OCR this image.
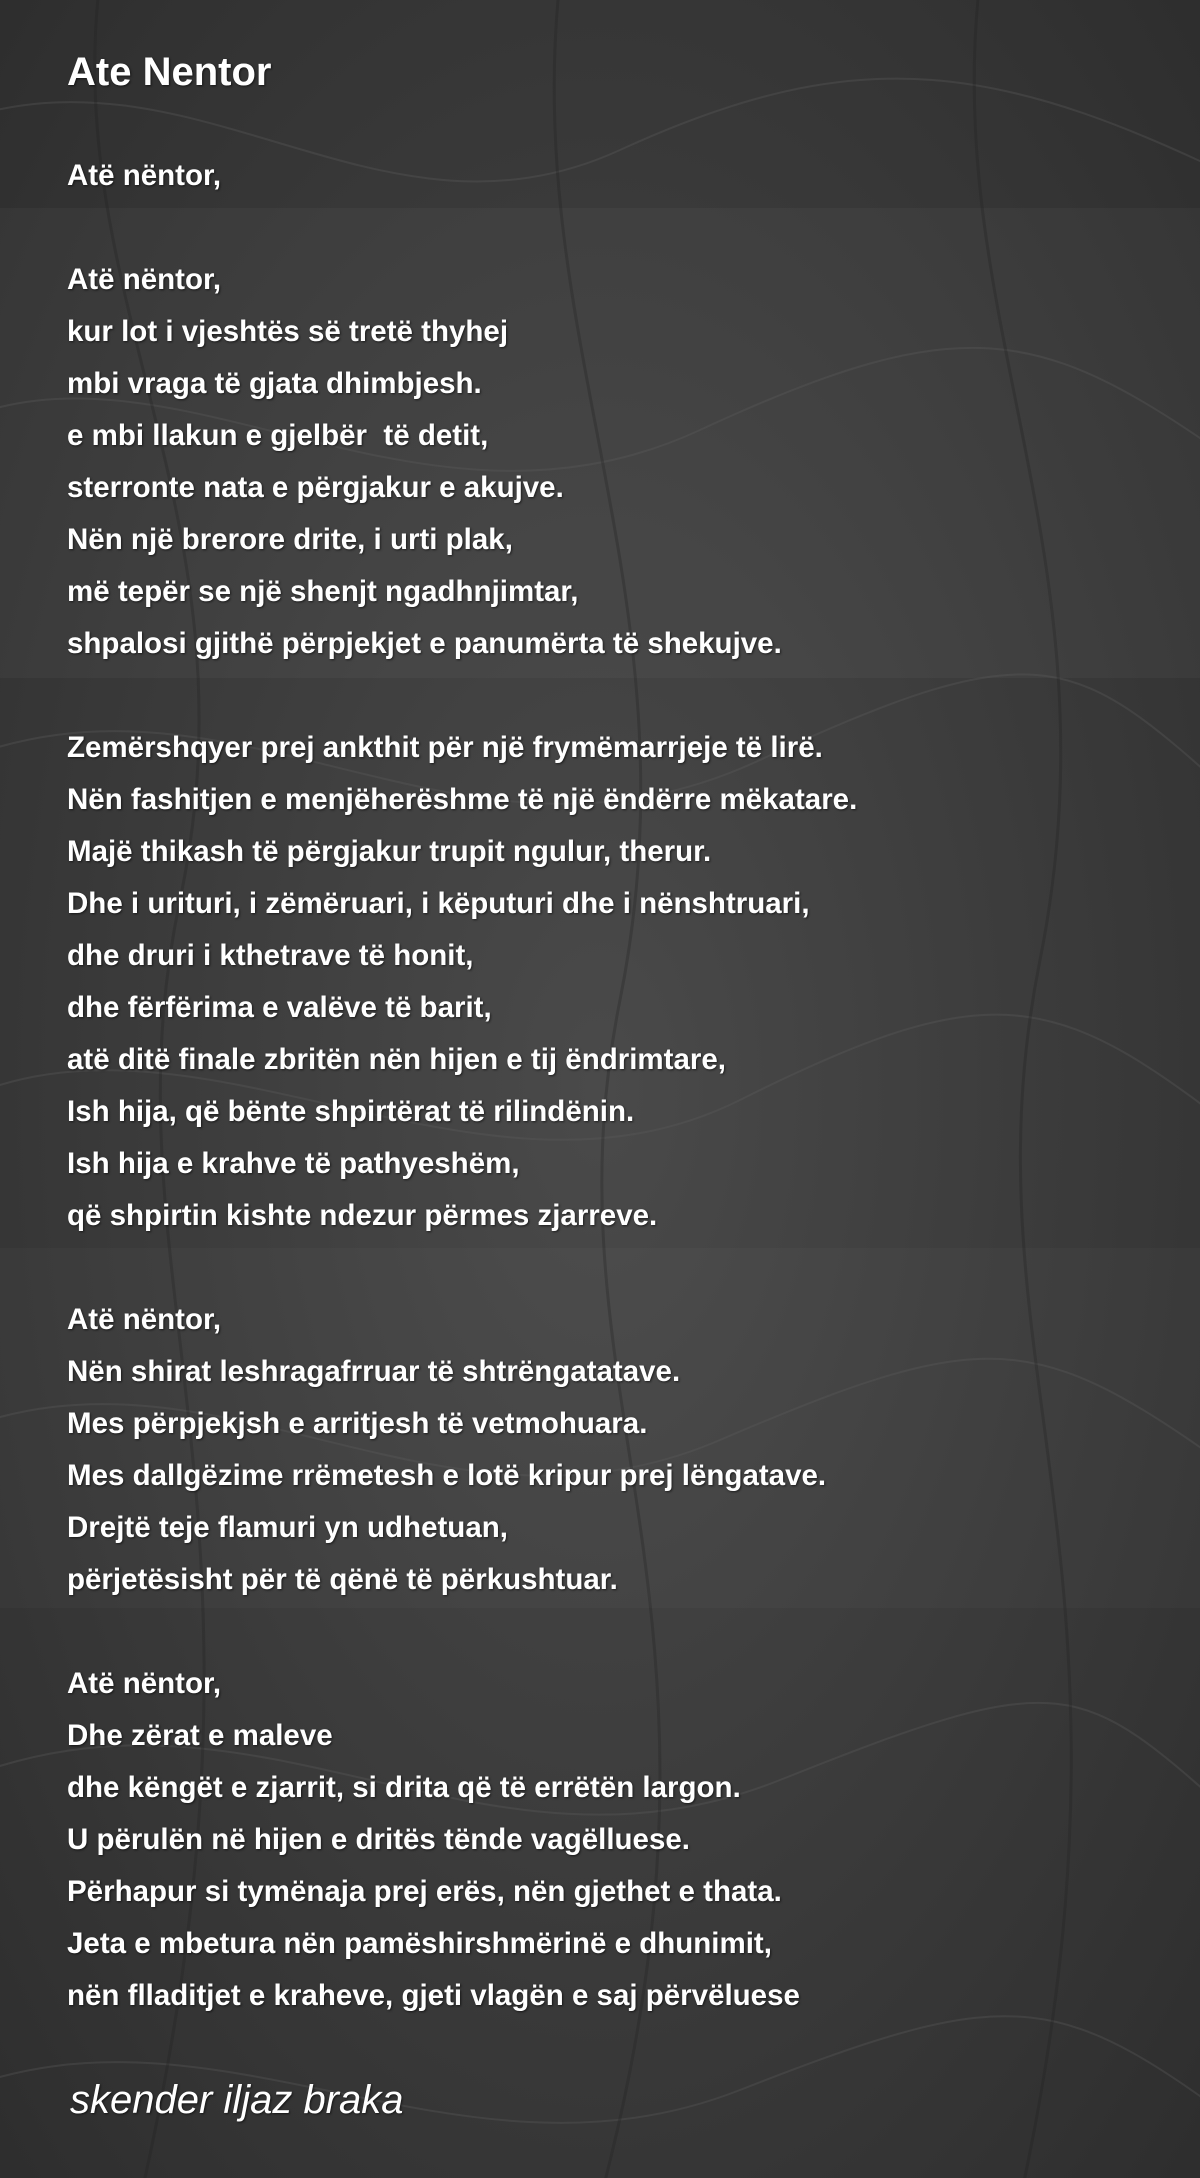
Ate Nentor
Atë nëntor,
Atë nëntor,
kur lot i vjeshtës së tretë thyhej
mbi vraga të gjata dhimbjesh.
e mbi llakun e gjelbër  të detit,
sterronte nata e përgjakur e akujve.
Nën një brerore drite, i urti plak,
më tepër se një shenjt ngadhnjimtar,
shpalosi gjithë përpjekjet e panumërta të shekujve.
Zemërshqyer prej ankthit për një frymëmarrjeje të lirë.
Nën fashitjen e menjëherëshme të një ëndërre mëkatare.
Majë thikash të përgjakur trupit ngulur, therur.
Dhe i urituri, i zëmëruari, i këputuri dhe i nënshtruari,
dhe druri i kthetrave të honit,
dhe fërfërima e valëve të barit,
atë ditë finale zbritën nën hijen e tij ëndrimtare,
Ish hija, që bënte shpirtërat të rilindënin.
Ish hija e krahve të pathyeshëm,
që shpirtin kishte ndezur përmes zjarreve.
Atë nëntor,
Nën shirat leshragafrruar të shtrëngatatave.
Mes përpjekjsh e arritjesh të vetmohuara.
Mes dallgëzime rrëmetesh e lotë kripur prej lëngatave.
Drejtë teje flamuri yn udhetuan,
përjetësisht për të qënë të përkushtuar.
Atë nëntor,
Dhe zërat e maleve
dhe këngët e zjarrit, si drita që të errëtën largon.
U përulën në hijen e dritës tënde vagëlluese.
Përhapur si tymënaja prej erës, nën gjethet e thata.
Jeta e mbetura nën pamëshirshmërinë e dhunimit,
nën flladitjet e kraheve, gjeti vlagën e saj përvëluese

skender iljaz braka
